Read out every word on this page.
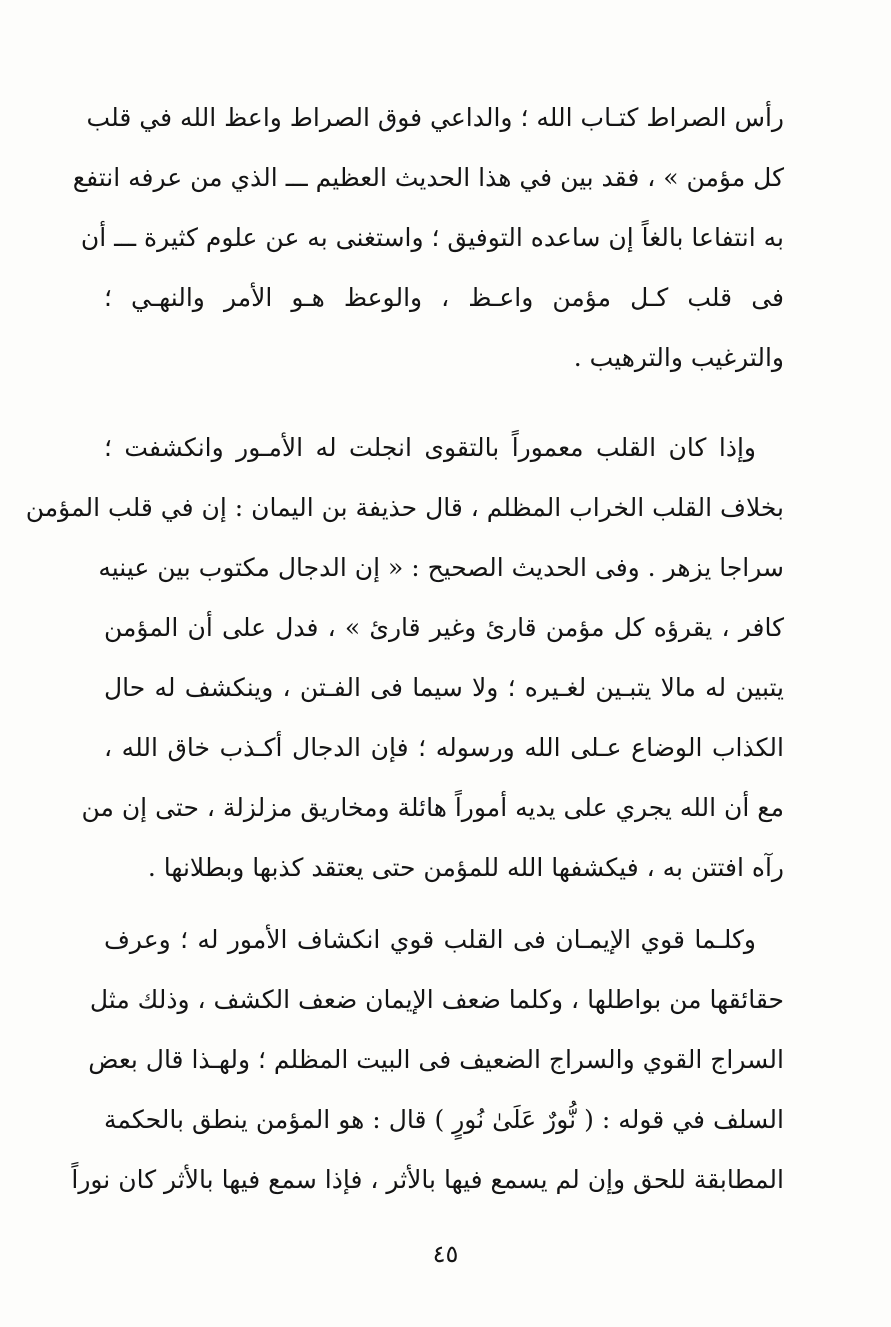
رأس الصراط كتـاب الله ؛ والداعي فوق الصراط واعظ الله في قلب
كل مؤمن » ، فقد بين في هذا الحديث العظيم ـــ الذي من عرفه انتفع
به انتفاعا بالغاً إن ساعده التوفيق ؛ واستغنى به عن علوم كثيرة ـــ أن
فى قلب كـل مؤمن واعـظ ، والوعظ هـو الأمر والنهـي ؛
والترغيب والترهيب .
وإذا كان القلب معموراً بالتقوى انجلت له الأمـور وانكشفت ؛
بخلاف القلب الخراب المظلم ، قال حذيفة بن اليمان : إن في قلب المؤمن
سراجا يزهر . وفى الحديث الصحيح : « إن الدجال مكتوب بين عينيه
كافر ، يقرؤه كل مؤمن قارئ وغير قارئ » ، فدل على أن المؤمن
يتبين له مالا يتبـين لغـيره ؛ ولا سيما فى الفـتن ، وينكشف له حال
الكذاب الوضاع عـلى الله ورسوله ؛ فإن الدجال أكـذب خاق الله ،
مع أن الله يجري على يديه أموراً هائلة ومخاريق مزلزلة ، حتى إن من
رآه افتتن به ، فيكشفها الله للمؤمن حتى يعتقد كذبها وبطلانها .
وكلـما قوي الإيمـان فى القلب قوي انكشاف الأمور له ؛ وعرف
حقائقها من بواطلها ، وكلما ضعف الإيمان ضعف الكشف ، وذلك مثل
السراج القوي والسراج الضعيف فى البيت المظلم ؛ ولهـذا قال بعض
السلف في قوله : ( نُّورٌ عَلَىٰ نُورٍ ) قال : هو المؤمن ينطق بالحكمة
المطابقة للحق وإن لم يسمع فيها بالأثر ، فإذا سمع فيها بالأثر كان نوراً
٤٥
